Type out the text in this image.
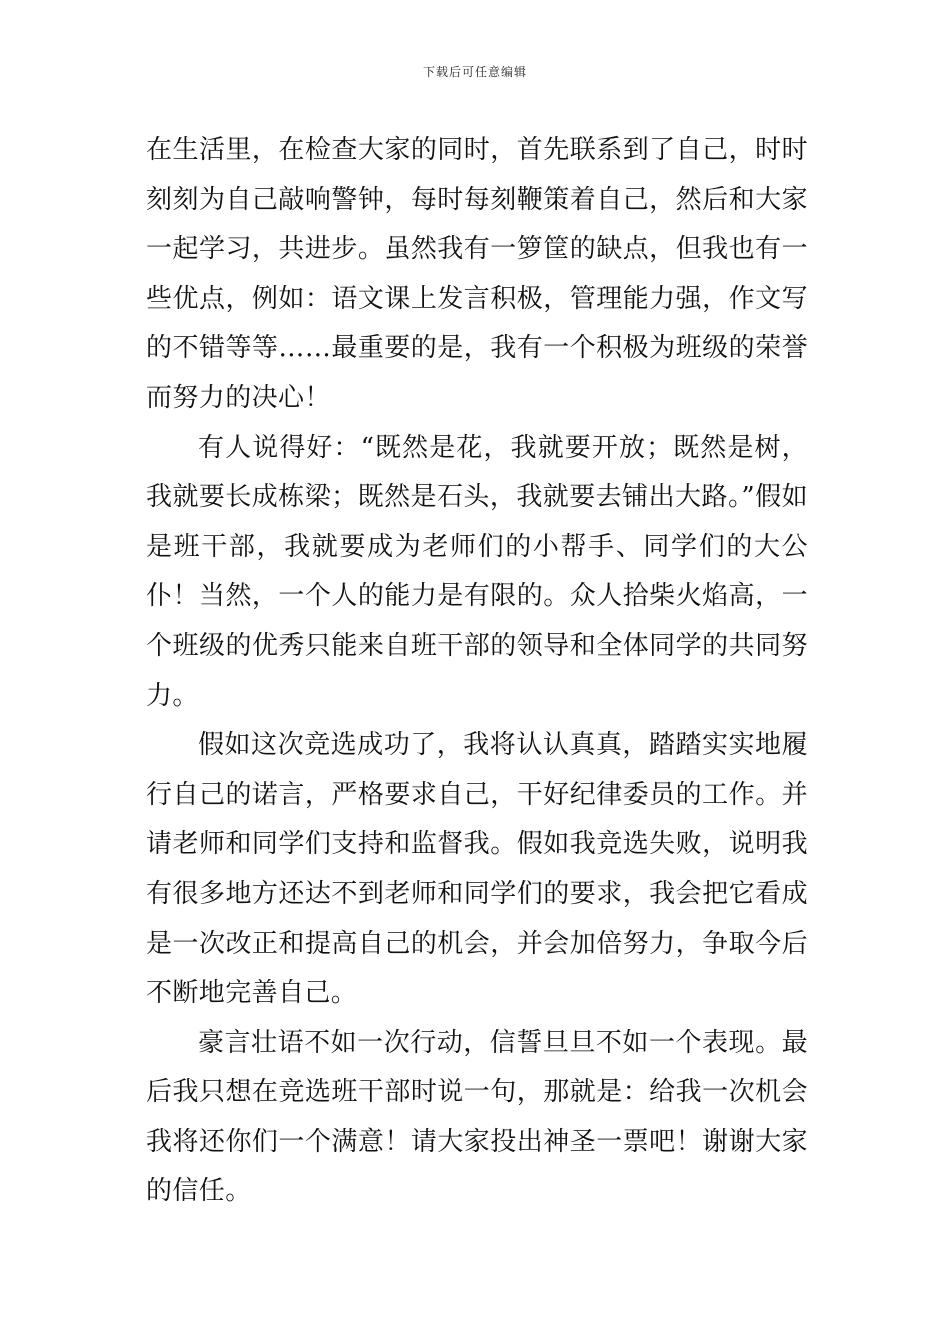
下载后可任意编辑

在生活里，在检查大家的同时，首先联系到了自己，时时刻刻为自己敲响警钟，每时每刻鞭策着自己，然后和大家一起学习，共进步。虽然我有一箩筐的缺点，但我也有一些优点，例如：语文课上发言积极，管理能力强，作文写的不错等等……最重要的是，我有一个积极为班级的荣誉而努力的决心！

有人说得好：“既然是花，我就要开放；既然是树，我就要长成栋梁；既然是石头，我就要去铺出大路。”假如是班干部，我就要成为老师们的小帮手、同学们的大公仆！当然，一个人的能力是有限的。众人拾柴火焰高，一个班级的优秀只能来自班干部的领导和全体同学的共同努力。

假如这次竞选成功了，我将认认真真，踏踏实实地履行自己的诺言，严格要求自己，干好纪律委员的工作。并请老师和同学们支持和监督我。假如我竞选失败，说明我有很多地方还达不到老师和同学们的要求，我会把它看成是一次改正和提高自己的机会，并会加倍努力，争取今后不断地完善自己。

豪言壮语不如一次行动，信誓旦旦不如一个表现。最后我只想在竞选班干部时说一句，那就是：给我一次机会我将还你们一个满意！请大家投出神圣一票吧！谢谢大家的信任。
